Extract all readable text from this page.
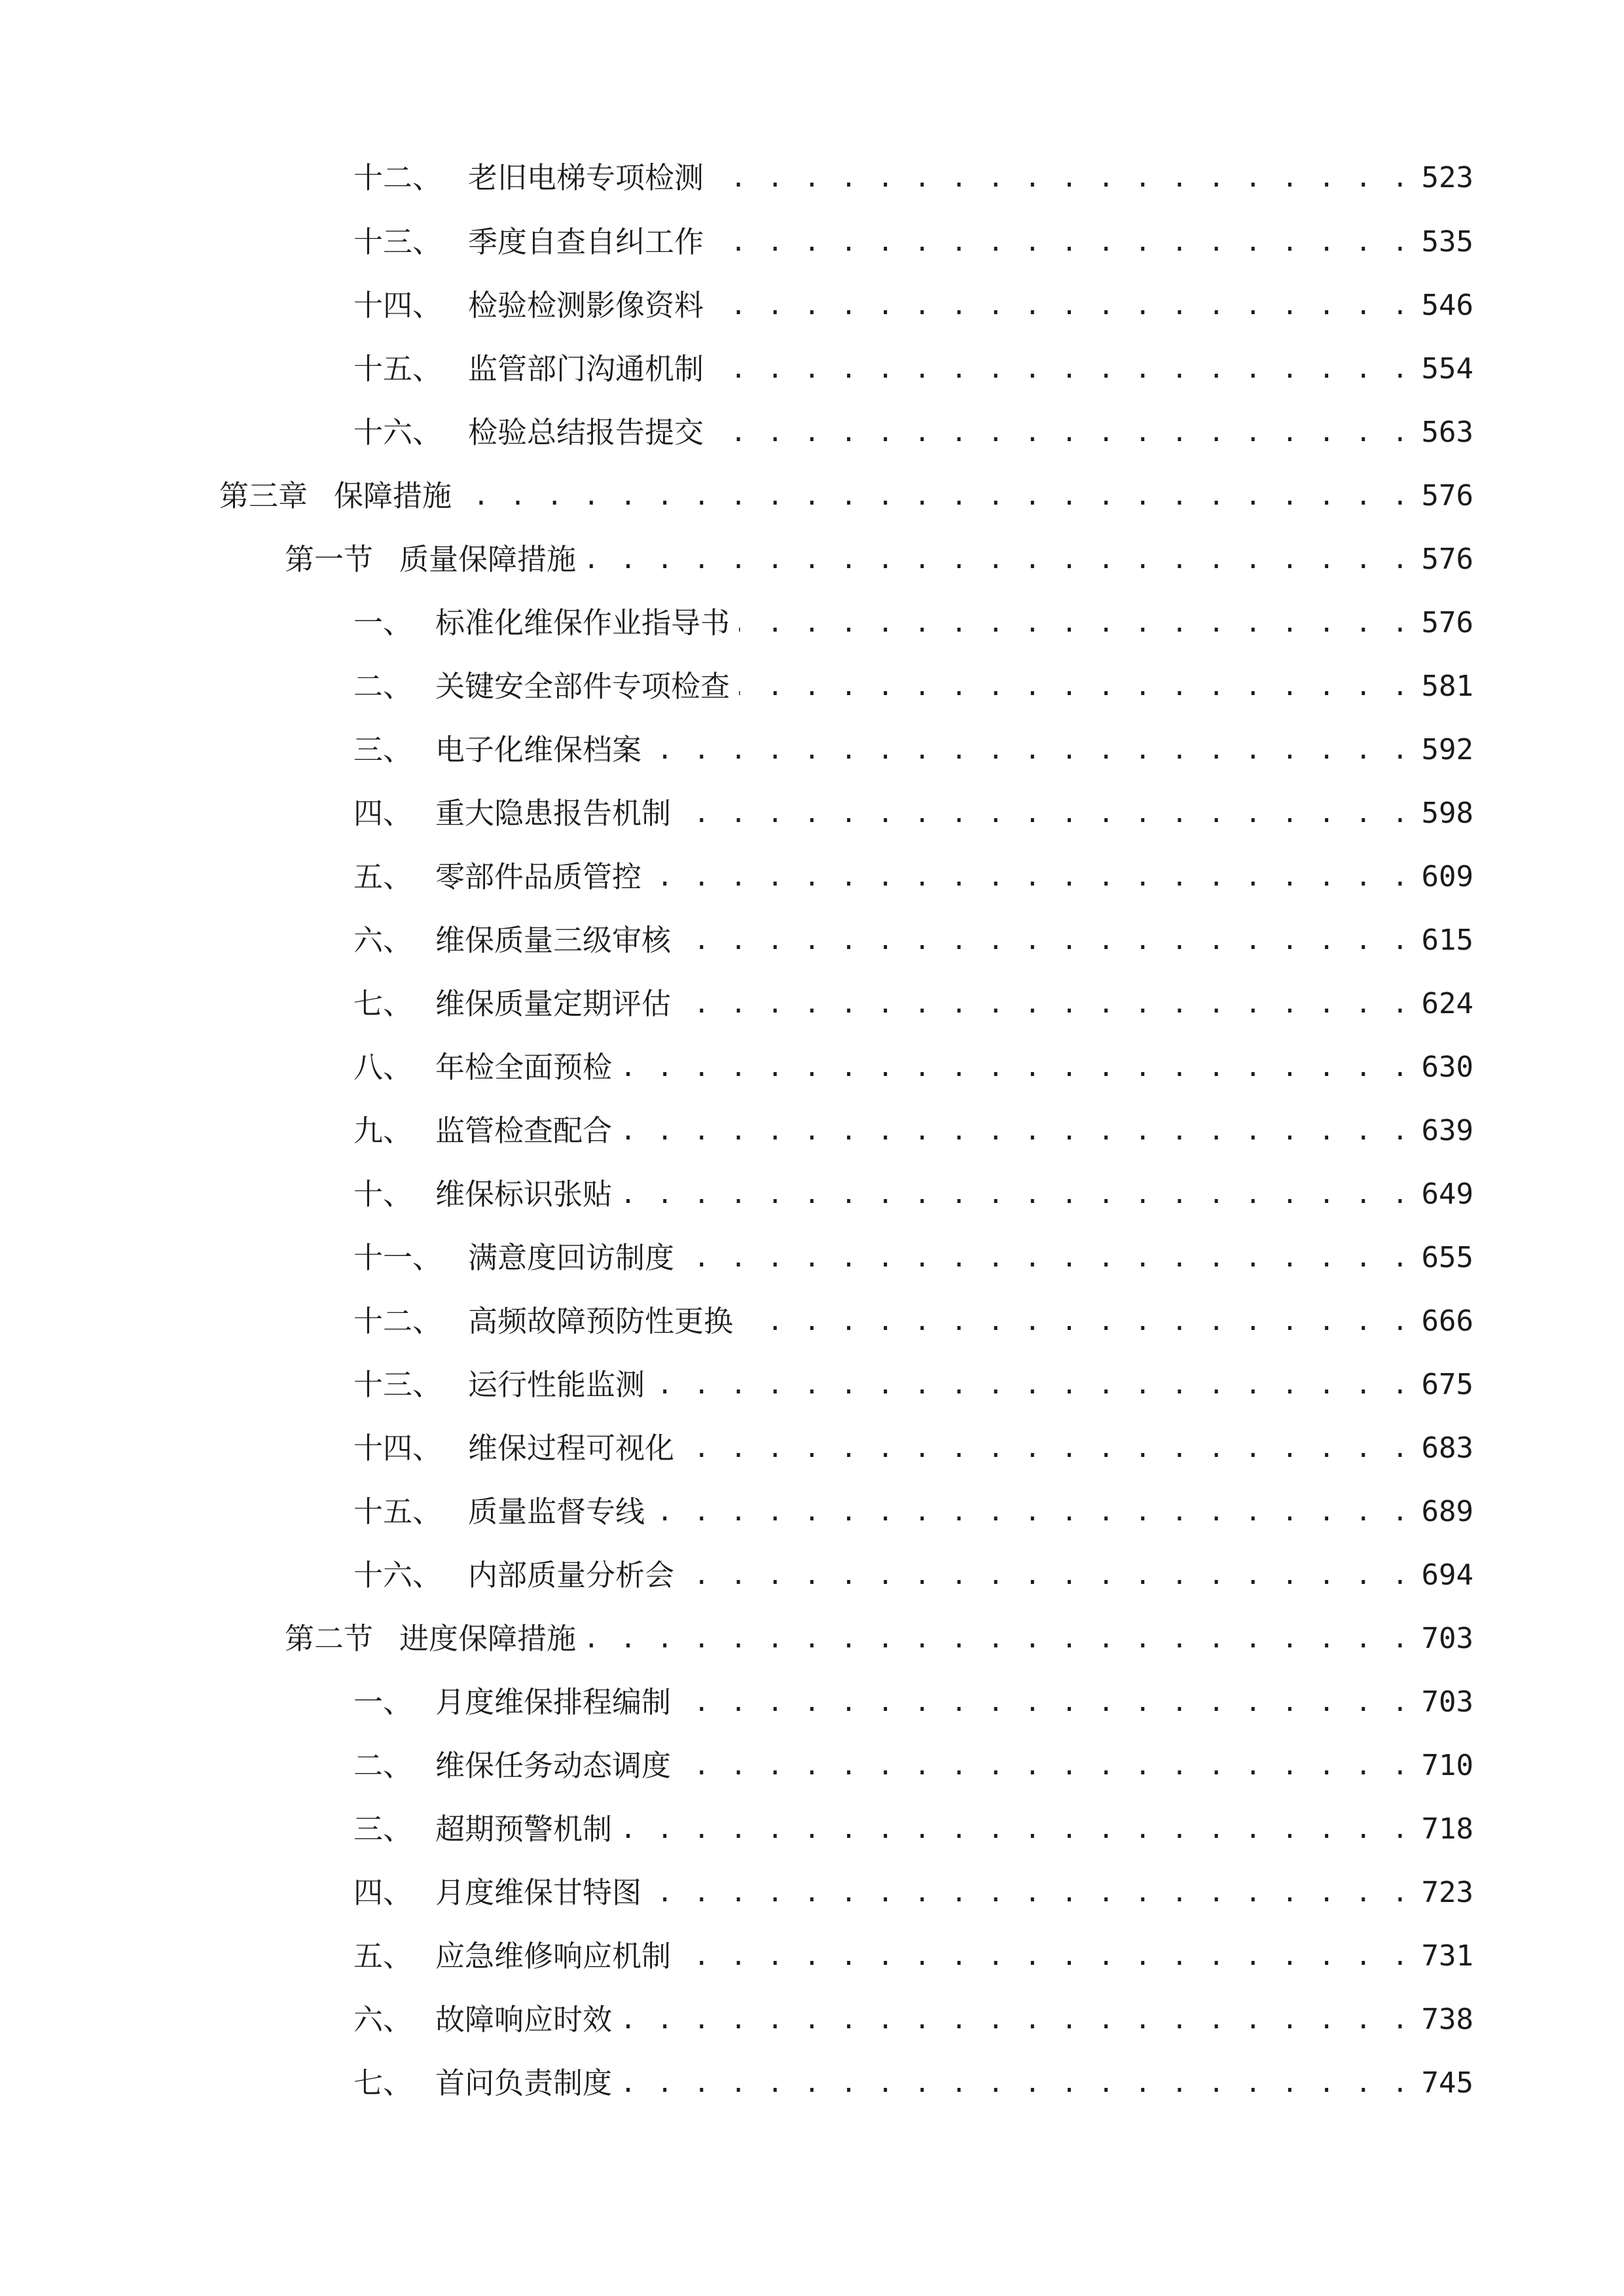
十二、 老旧电梯专项检测 . . .	523
十三、 季度自查自纠工作 . . .	535
十四、 检验检测影像资料 . . .	546
十五、 监管部门沟通机制 . . .	554
十六、 检验总结报告提交 . . .	563
第三章 保障措施 . . .	576
第一节 质量保障措施 . . .	576
一、 标准化维保作业指导书 . . .	576
二、 关键安全部件专项检查 . . .	581
三、 电子化维保档案 . . .	592
四、 重大隐患报告机制 . . .	598
五、 零部件品质管控 . . .	609
六、 维保质量三级审核 . . .	615
七、 维保质量定期评估 . . .	624
八、 年检全面预检 . . .	630
九、 监管检查配合 . . .	639
十、 维保标识张贴 . . .	649
十一、 满意度回访制度 . . .	655
十二、 高频故障预防性更换 . . .	666
十三、 运行性能监测 . . .	675
十四、 维保过程可视化 . . .	683
十五、 质量监督专线 . . .	689
十六、 内部质量分析会 . . .	694
第二节 进度保障措施 . . .	703
一、 月度维保排程编制 . . .	703
二、 维保任务动态调度 . . .	710
三、 超期预警机制 . . .	718
四、 月度维保甘特图 . . .	723
五、 应急维修响应机制 . . .	731
六、 故障响应时效 . . .	738
七、 首问负责制度 . . .	745
